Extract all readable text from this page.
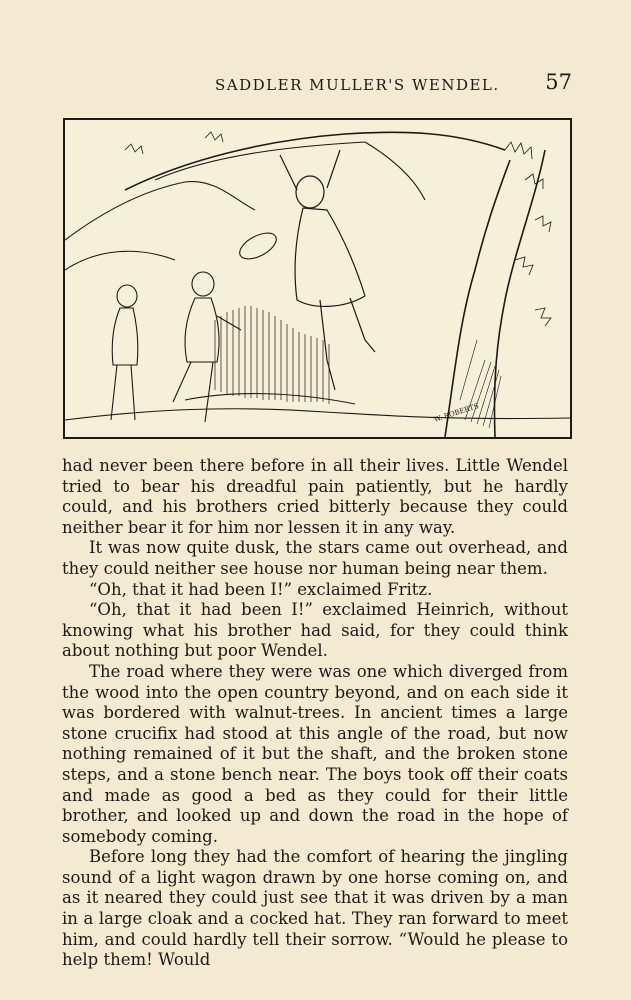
SADDLER MULLER'S WENDEL. 57
W. ROBERTS

had never been there before in all their lives. Little Wendel tried to bear his dreadful pain patiently, but he hardly could, and his brothers cried bitterly because they could neither bear it for him nor lessen it in any way.

It was now quite dusk, the stars came out overhead, and they could neither see house nor human being near them.

“Oh, that it had been I!” exclaimed Fritz.

“Oh, that it had been I!” exclaimed Heinrich, without knowing what his brother had said, for they could think about nothing but poor Wendel.

The road where they were was one which diverged from the wood into the open country beyond, and on each side it was bordered with walnut-trees. In ancient times a large stone crucifix had stood at this angle of the road, but now nothing remained of it but the shaft, and the broken stone steps, and a stone bench near. The boys took off their coats and made as good a bed as they could for their little brother, and looked up and down the road in the hope of somebody coming.

Before long they had the comfort of hearing the jingling sound of a light wagon drawn by one horse coming on, and as it neared they could just see that it was driven by a man in a large cloak and a cocked hat. They ran forward to meet him, and could hardly tell their sorrow. “Would he please to help them! Would
